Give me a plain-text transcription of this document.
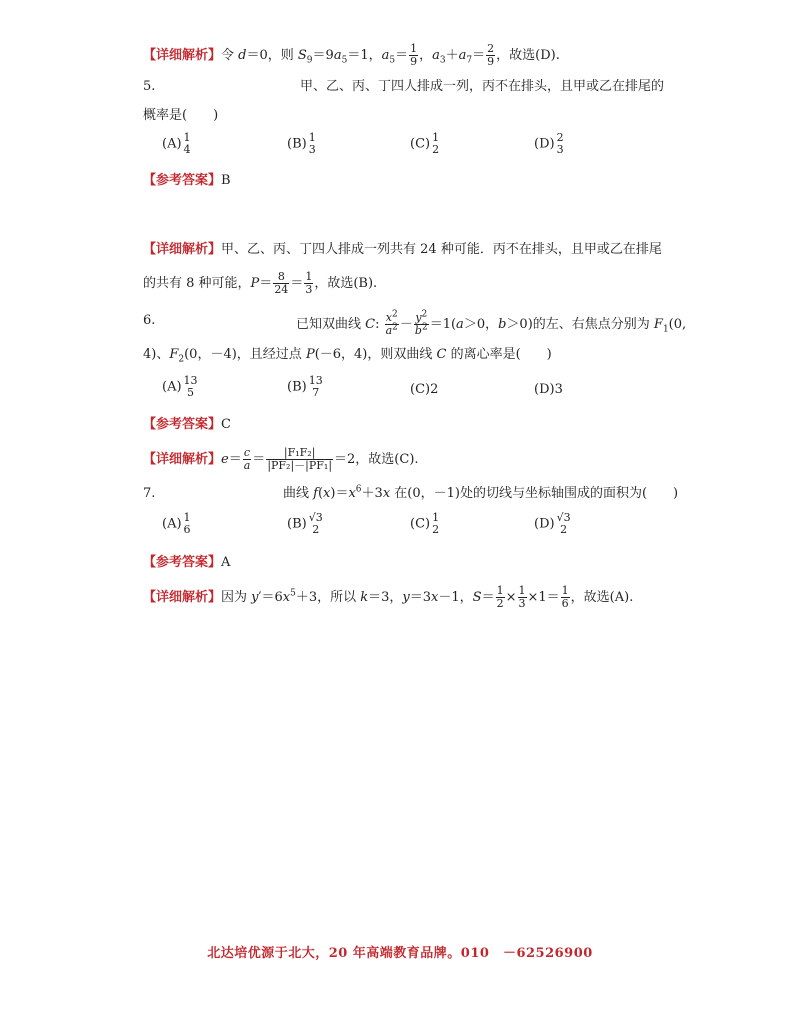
【详细解析】令 d＝0，则 $S_9=9a_5=1$，$a_5= \frac{1}{9}$ ，$a_3+a_7= \frac{2}{9}$ ，故选(D).
5.	甲、乙、丙、丁四人排成一列，丙不在排头，且甲或乙在排尾的
概率是(　　)
(A) 1
4	(B) 1
3	(C) 1
2	(D) 2
3
【参考答案】B
【详细解析】甲、乙、丙、丁四人排成一列共有 24 种可能．丙不在排头，且甲或乙在排尾
的共有 8 种可能，$P= \frac{8}{24} = \frac{1}{3}$ ，故选(B).
6.	已知双曲线 C: $\frac{x^2}{a^2} - \frac{y^2}{b^2} =1(a>0$，b＞0)的左、右焦点分别为 $F_1(0$,
4)、$F_2(0$，－4)，且经过点 P(－6，4)，则双曲线 C 的离心率是(　　)
(A) 13
5	(B) 13
7	(C)2	(D)3
【参考答案】C
【详细解析】$e= \frac{c}{a} = \frac{\text{|F₁F₂|}}{\text{|PF₂|－|PF₁|}} =2$，故选(C).
7.	曲线 $f(x)=x^6+3x$ 在(0，－1)处的切线与坐标轴围成的面积为(　　)
(A) 1
6	(B) √3
2	(C) 1
2	(D) √3
2
【参考答案】A
【详细解析】因为 $y'=6x^5+3$，所以 k＝3，y＝3x－1，$S= \frac{1}{2} \times \frac{1}{3} \times 1= \frac{1}{6}$ ，故选(A).
北达培优源于北大，20 年高端教育品牌。010　－62526900
